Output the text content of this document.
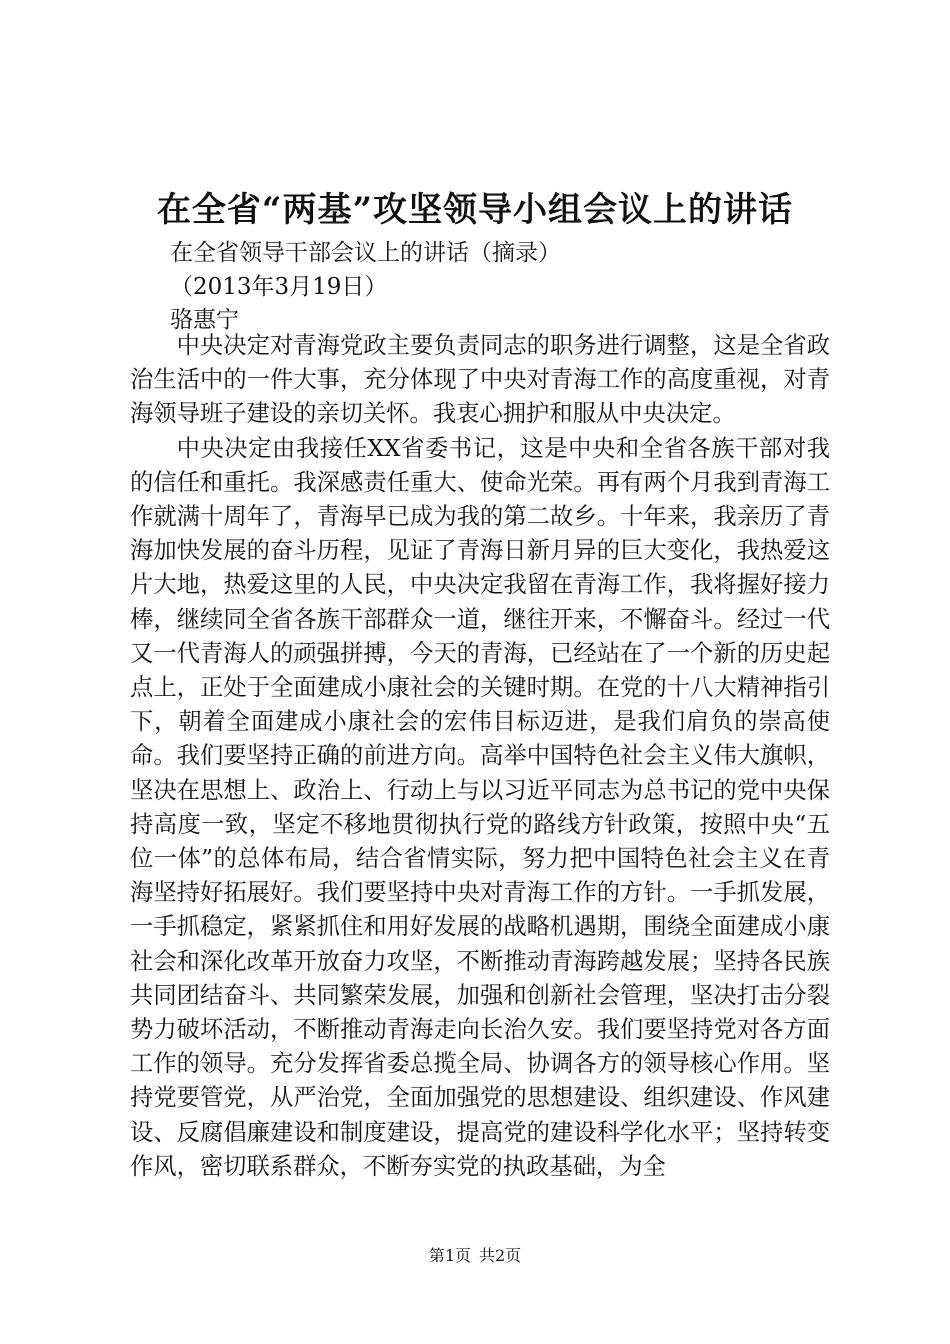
在全省“两基”攻坚领导小组会议上的讲话
在全省领导干部会议上的讲话（摘录）
（2013年3月19日）
骆惠宁

中央决定对青海党政主要负责同志的职务进行调整，这是全省政治生活中的一件大事，充分体现了中央对青海工作的高度重视，对青海领导班子建设的亲切关怀。我衷心拥护和服从中央决定。

中央决定由我接任XX省委书记，这是中央和全省各族干部对我的信任和重托。我深感责任重大、使命光荣。再有两个月我到青海工作就满十周年了，青海早已成为我的第二故乡。十年来，我亲历了青海加快发展的奋斗历程，见证了青海日新月异的巨大变化，我热爱这片大地，热爱这里的人民，中央决定我留在青海工作，我将握好接力棒，继续同全省各族干部群众一道，继往开来，不懈奋斗。经过一代又一代青海人的顽强拼搏，今天的青海，已经站在了一个新的历史起点上，正处于全面建成小康社会的关键时期。在党的十八大精神指引下，朝着全面建成小康社会的宏伟目标迈进，是我们肩负的崇高使命。我们要坚持正确的前进方向。高举中国特色社会主义伟大旗帜，坚决在思想上、政治上、行动上与以习近平同志为总书记的党中央保持高度一致，坚定不移地贯彻执行党的路线方针政策，按照中央“五位一体”的总体布局，结合省情实际，努力把中国特色社会主义在青海坚持好拓展好。我们要坚持中央对青海工作的方针。一手抓发展，一手抓稳定，紧紧抓住和用好发展的战略机遇期，围绕全面建成小康社会和深化改革开放奋力攻坚，不断推动青海跨越发展；坚持各民族共同团结奋斗、共同繁荣发展，加强和创新社会管理，坚决打击分裂势力破坏活动，不断推动青海走向长治久安。我们要坚持党对各方面工作的领导。充分发挥省委总揽全局、协调各方的领导核心作用。坚持党要管党，从严治党，全面加强党的思想建设、组织建设、作风建设、反腐倡廉建设和制度建设，提高党的建设科学化水平；坚持转变作风，密切联系群众，不断夯实党的执政基础，为全

第1页 共2页
